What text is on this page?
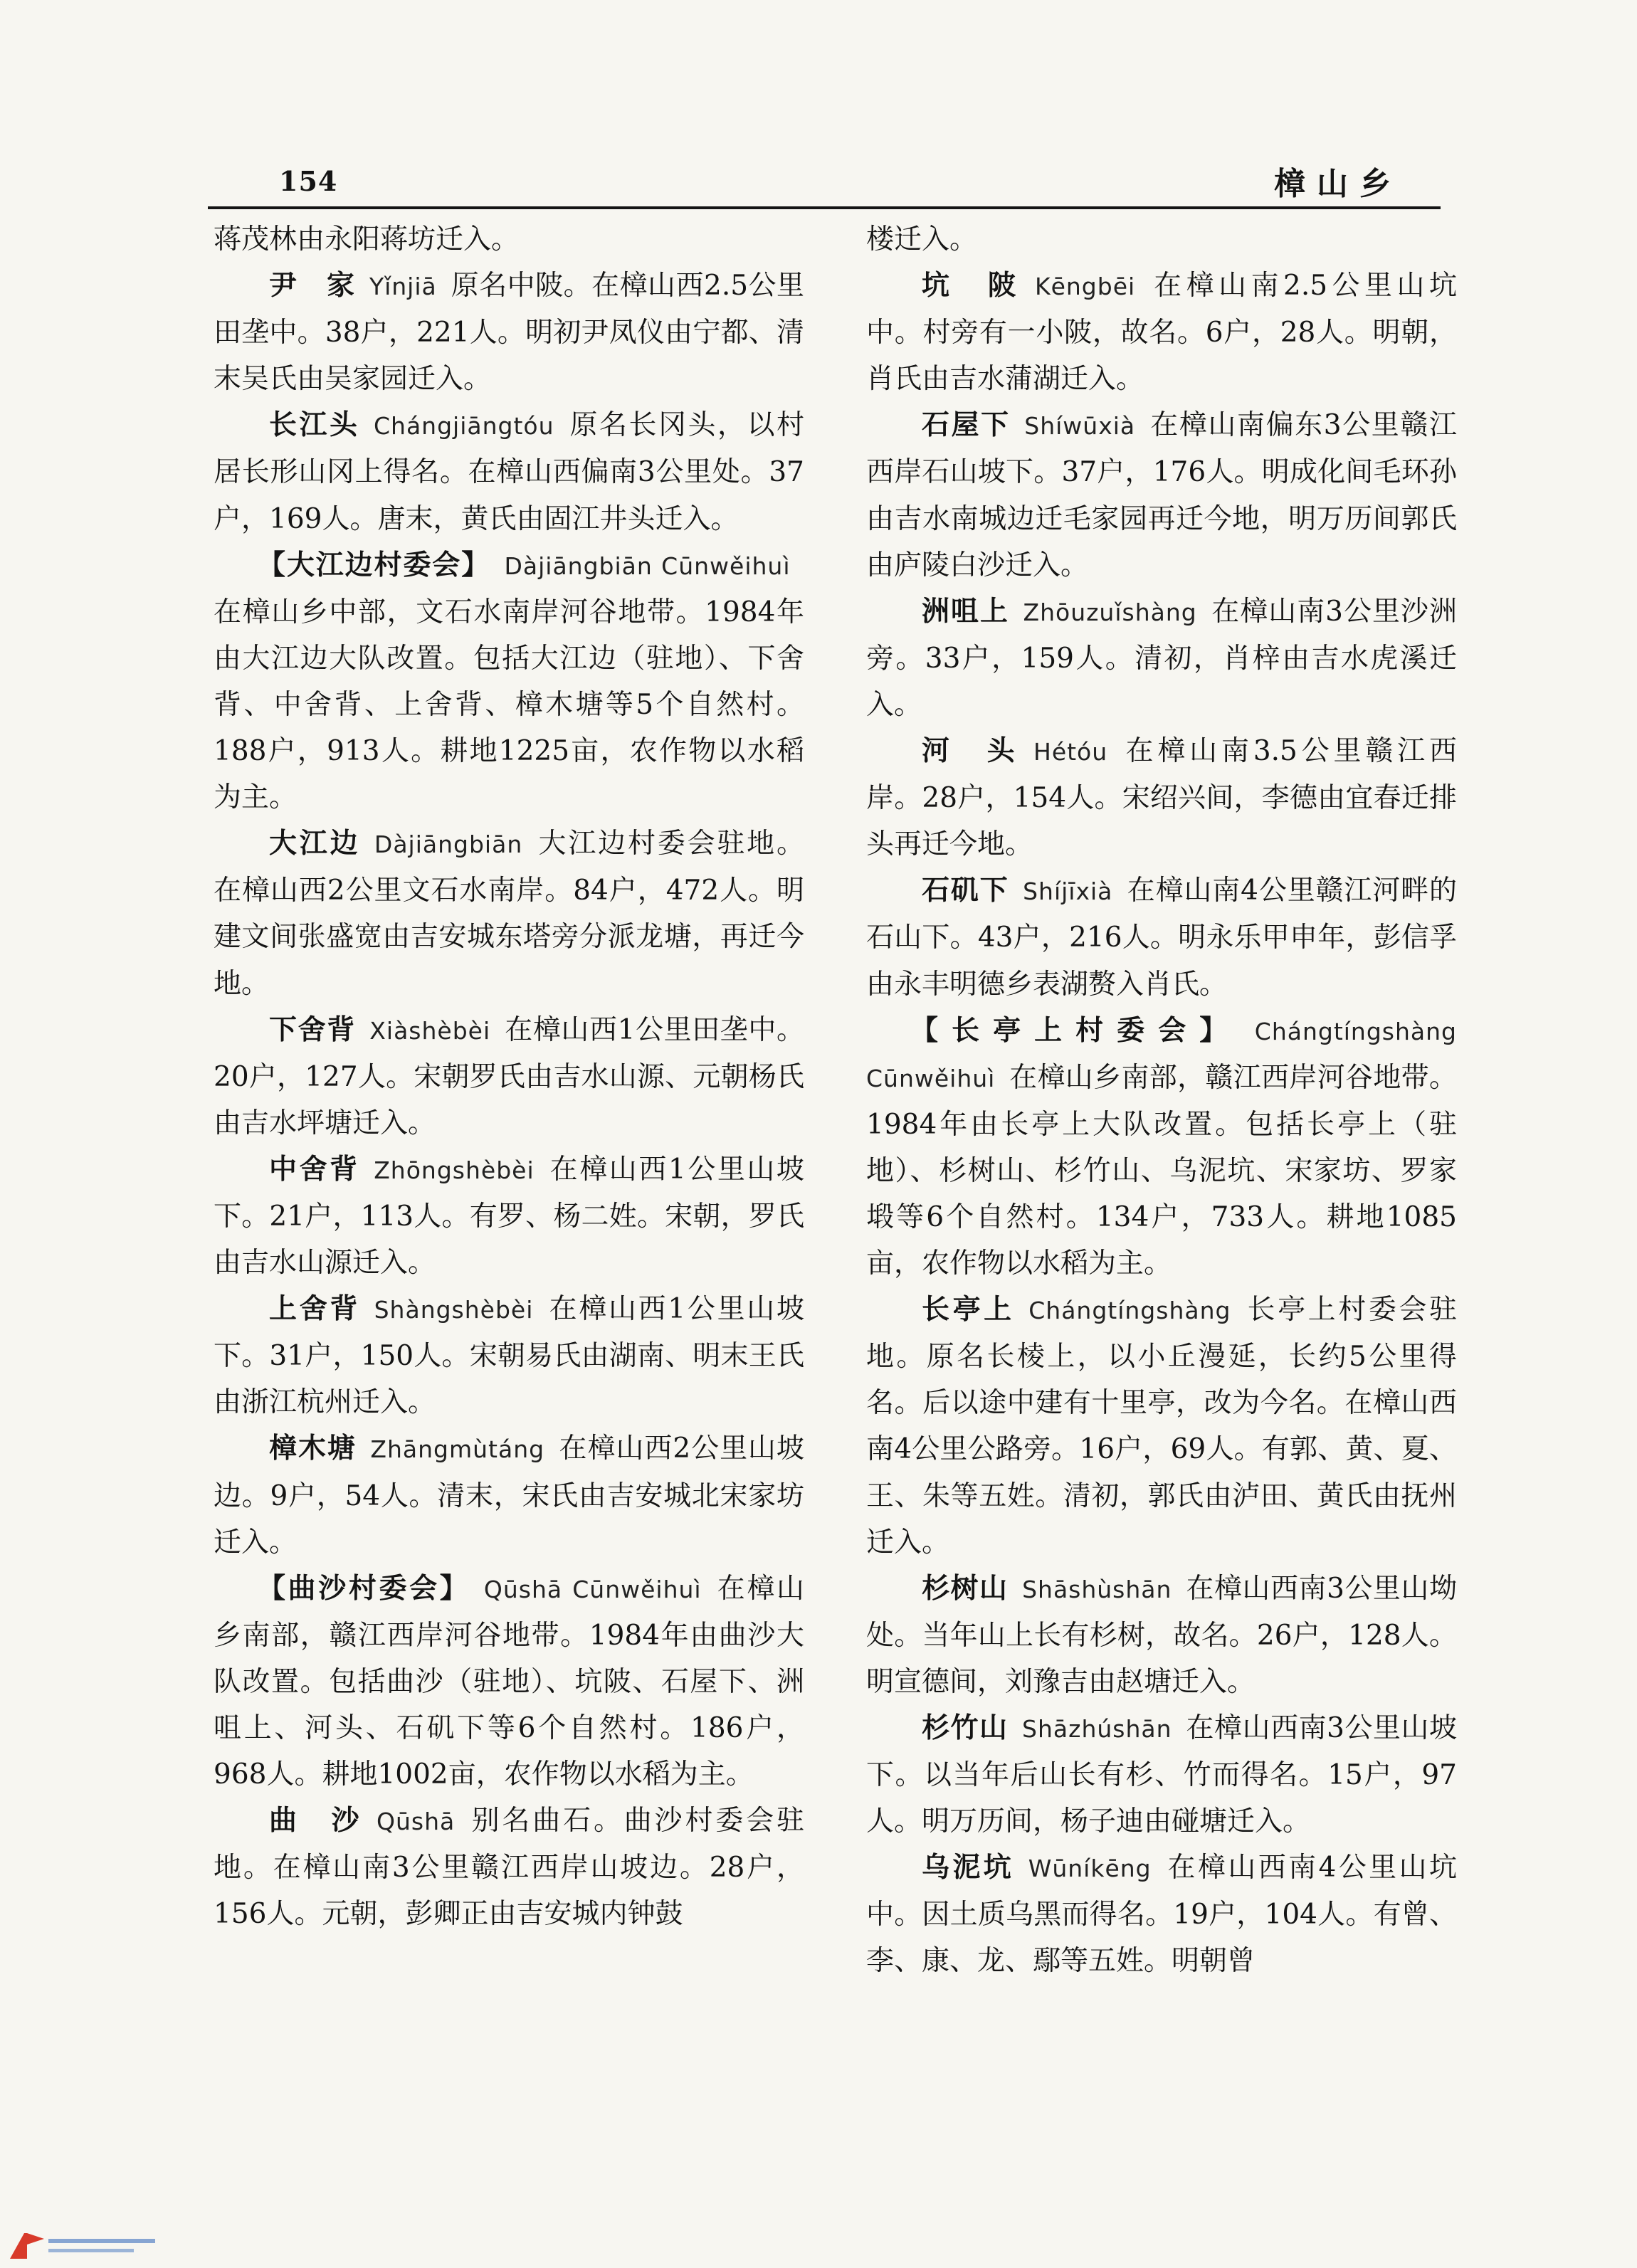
154	樟山乡

蒋茂林由永阳蒋坊迁入。

尹　家  Yǐnjiā  原名中陂。在樟山西2.5公里田垄中。38户，221人。明初尹凤仪由宁都、清末吴氏由吴家园迁入。

长江头  Chángjiāngtóu  原名长冈头，以村居长形山冈上得名。在樟山西偏南3公里处。37户，169人。唐末，黄氏由固江井头迁入。

【大江边村委会】  Dàjiāngbiān Cūnwěihuì 在樟山乡中部，文石水南岸河谷地带。1984年由大江边大队改置。包括大江边（驻地）、下舍背、中舍背、上舍背、樟木塘等5个自然村。188户，913人。耕地1225亩，农作物以水稻为主。

大江边  Dàjiāngbiān  大江边村委会驻地。在樟山西2公里文石水南岸。84户，472人。明建文间张盛宽由吉安城东塔旁分派龙塘，再迁今地。

下舍背  Xiàshèbèi  在樟山西1公里田垄中。20户，127人。宋朝罗氏由吉水山源、元朝杨氏由吉水坪塘迁入。

中舍背  Zhōngshèbèi  在樟山西1公里山坡下。21户，113人。有罗、杨二姓。宋朝，罗氏由吉水山源迁入。

上舍背  Shàngshèbèi  在樟山西1公里山坡下。31户，150人。宋朝易氏由湖南、明末王氏由浙江杭州迁入。

樟木塘  Zhāngmùtáng  在樟山西2公里山坡边。9户，54人。清末，宋氏由吉安城北宋家坊迁入。

【曲沙村委会】  Qūshā Cūnwěihuì  在樟山乡南部，赣江西岸河谷地带。1984年由曲沙大队改置。包括曲沙（驻地）、坑陂、石屋下、洲咀上、河头、石矶下等6个自然村。186户，968人。耕地1002亩，农作物以水稻为主。

曲　沙  Qūshā  别名曲石。曲沙村委会驻地。在樟山南3公里赣江西岸山坡边。28户，156人。元朝，彭卿正由吉安城内钟鼓

楼迁入。

坑　陂  Kēngbēi  在樟山南2.5公里山坑中。村旁有一小陂，故名。6户，28人。明朝，肖氏由吉水蒲湖迁入。

石屋下  Shíwūxià  在樟山南偏东3公里赣江西岸石山坡下。37户，176人。明成化间毛环孙由吉水南城边迁毛家园再迁今地，明万历间郭氏由庐陵白沙迁入。

洲咀上  Zhōuzuǐshàng  在樟山南3公里沙洲旁。33户，159人。清初，肖梓由吉水虎溪迁入。

河　头  Hétóu  在樟山南3.5公里赣江西岸。28户，154人。宋绍兴间，李德由宜春迁排头再迁今地。

石矶下  Shíjīxià  在樟山南4公里赣江河畔的石山下。43户，216人。明永乐甲申年，彭信孚由永丰明德乡表湖赘入肖氏。

【长亭上村委会】  Chángtíngshàng Cūnwěihuì  在樟山乡南部，赣江西岸河谷地带。1984年由长亭上大队改置。包括长亭上（驻地）、杉树山、杉竹山、乌泥坑、宋家坊、罗家塅等6个自然村。134户，733人。耕地1085亩，农作物以水稻为主。

长亭上  Chángtíngshàng  长亭上村委会驻地。原名长棱上，以小丘漫延，长约5公里得名。后以途中建有十里亭，改为今名。在樟山西南4公里公路旁。16户，69人。有郭、黄、夏、王、朱等五姓。清初，郭氏由泸田、黄氏由抚州迁入。

杉树山  Shāshùshān  在樟山西南3公里山坳处。当年山上长有杉树，故名。26户，128人。明宣德间，刘豫吉由赵塘迁入。

杉竹山  Shāzhúshān  在樟山西南3公里山坡下。以当年后山长有杉、竹而得名。15户，97人。明万历间，杨子迪由碰塘迁入。

乌泥坑  Wūníkēng  在樟山西南4公里山坑中。因土质乌黑而得名。19户，104人。有曾、李、康、龙、鄢等五姓。明朝曾
